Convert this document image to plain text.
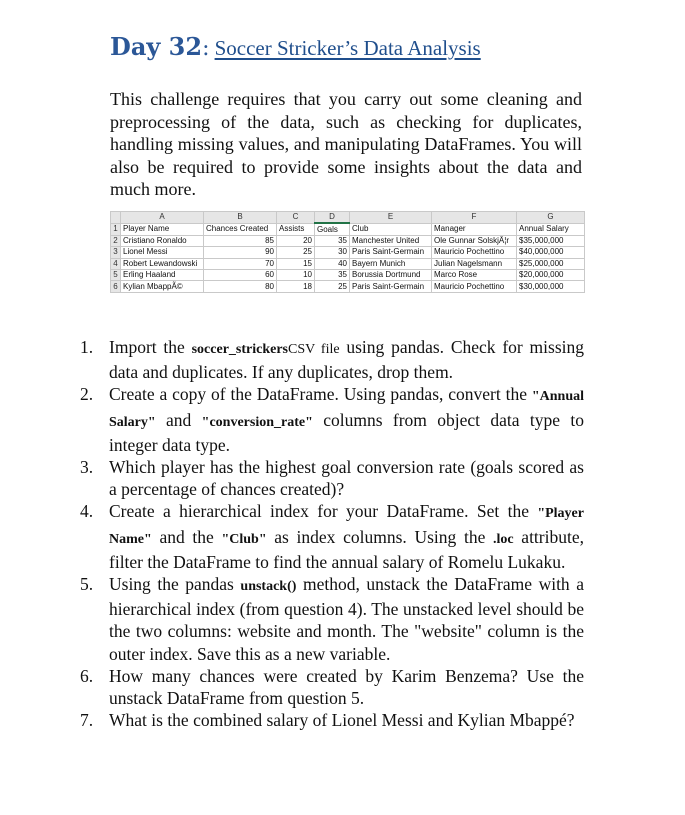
Day 32: Soccer Stricker’s Data Analysis

This challenge requires that you carry out some cleaning and preprocessing of the data, such as checking for duplicates, handling missing values, and manipulating DataFrames. You will also be required to provide some insights about the data and much more.

	A	B	C	D	E	F	G
1	Player Name	Chances Created	Assists	Goals	Club	Manager	Annual Salary
2	Cristiano Ronaldo	85	20	35	Manchester United	Ole Gunnar SolskjÃ¦r	$35,000,000
3	Lionel Messi	90	25	30	Paris Saint-Germain	Mauricio Pochettino	$40,000,000
4	Robert Lewandowski	70	15	40	Bayern Munich	Julian Nagelsmann	$25,000,000
5	Erling Haaland	60	10	35	Borussia Dortmund	Marco Rose	$20,000,000
6	Kylian MbappÃ©	80	18	25	Paris Saint-Germain	Mauricio Pochettino	$30,000,000
1. Import the soccer_strickersCSV file using pandas. Check for missing data and duplicates. If any duplicates, drop them.
2. Create a copy of the DataFrame. Using pandas, convert the "Annual Salary" and "conversion_rate" columns from object data type to integer data type.
3. Which player has the highest goal conversion rate (goals scored as a percentage of chances created)?
4. Create a hierarchical index for your DataFrame. Set the "Player Name" and the "Club" as index columns. Using the .loc attribute, filter the DataFrame to find the annual salary of Romelu Lukaku.
5. Using the pandas unstack() method, unstack the DataFrame with a hierarchical index (from question 4). The unstacked level should be the two columns: website and month. The "website" column is the outer index. Save this as a new variable.
6. How many chances were created by Karim Benzema? Use the unstack DataFrame from question 5.
7. What is the combined salary of Lionel Messi and Kylian Mbappé?
